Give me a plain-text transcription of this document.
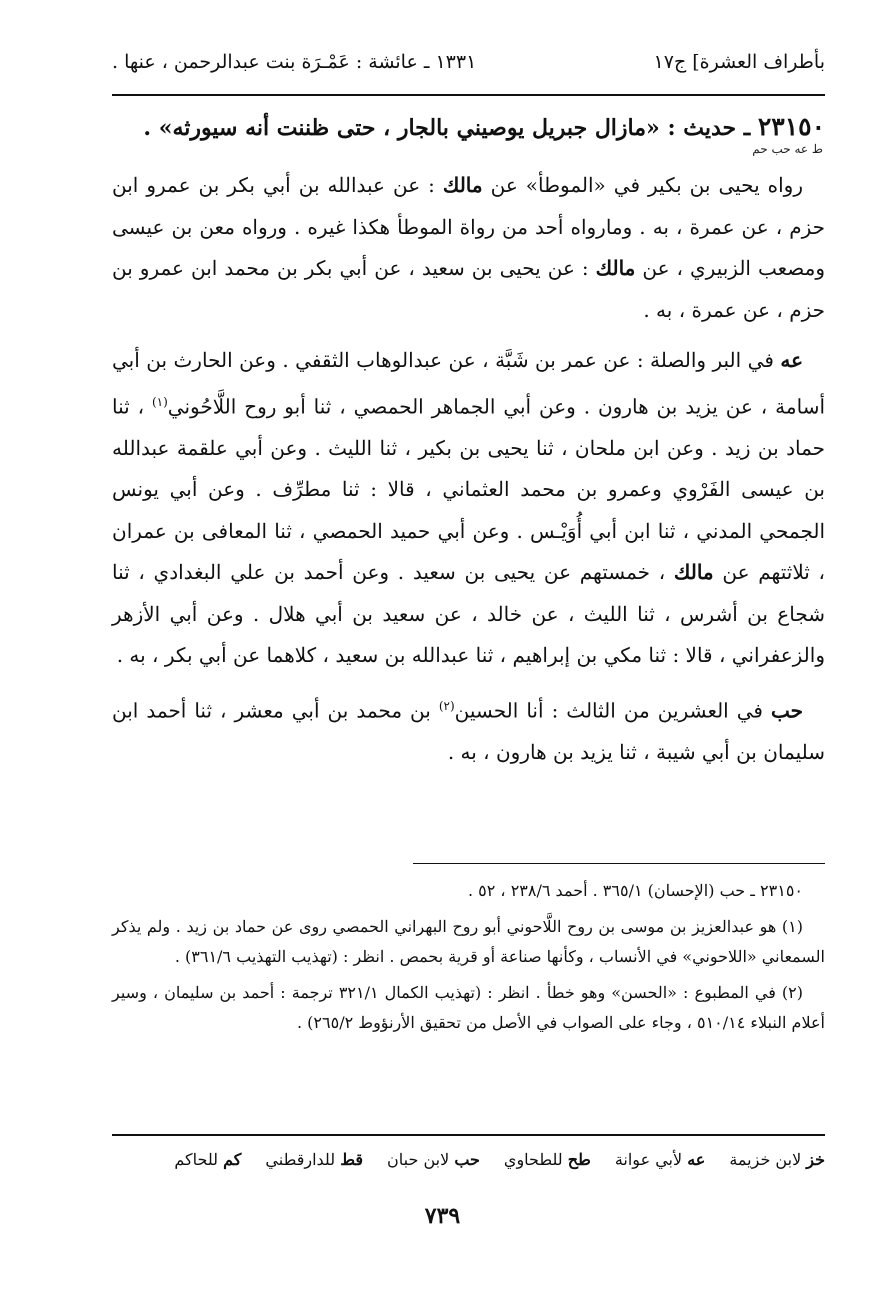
بأطراف العشرة] ج١٧
١٣٣١ ـ عائشة : عَمْـرَة بنت عبدالرحمن ، عنها .
٢٣١٥٠ ـ حديث : «مازال جبريل يوصيني بالجار ، حتى ظننت أنه سيورثه» .
ط عه حب حم

رواه يحيى بن بكير في «الموطأ» عن مالك : عن عبدالله بن أبي بكر بن عمرو ابن حزم ، عن عمرة ، به . ومارواه أحد من رواة الموطأ هكذا غيره . ورواه معن بن عيسى ومصعب الزبيري ، عن مالك : عن يحيى بن سعيد ، عن أبي بكر بن محمد ابن عمرو بن حزم ، عن عمرة ، به .

عه في البر والصلة : عن عمر بن شَبَّة ، عن عبدالوهاب الثقفي . وعن الحارث بن أبي أسامة ، عن يزيد بن هارون . وعن أبي الجماهر الحمصي ، ثنا أبو روح اللَّاحُوني$^{(١)}$ ، ثنا حماد بن زيد . وعن ابن ملحان ، ثنا يحيى بن بكير ، ثنا الليث . وعن أبي علقمة عبدالله بن عيسى الفَرْوي وعمرو بن محمد العثماني ، قالا : ثنا مطرِّف . وعن أبي يونس الجمحي المدني ، ثنا ابن أبي أُوَيْـس . وعن أبي حميد الحمصي ، ثنا المعافى بن عمران ، ثلاثتهم عن مالك ، خمستهم عن يحيى بن سعيد . وعن أحمد بن علي البغدادي ، ثنا شجاع بن أشرس ، ثنا الليث ، عن خالد ، عن سعيد بن أبي هلال . وعن أبي الأزهر والزعفراني ، قالا : ثنا مكي بن إبراهيم ، ثنا عبدالله بن سعيد ، كلاهما عن أبي بكر ، به .

حب في العشرين من الثالث : أنا الحسين$^{(٢)}$ بن محمد بن أبي معشر ، ثنا أحمد ابن سليمان بن أبي شيبة ، ثنا يزيد بن هارون ، به .

٢٣١٥٠ ـ حب (الإحسان) ٣٦٥/١ . أحمد ٢٣٨/٦ ، ٥٢ .

(١) هو عبدالعزيز بن موسى بن روح اللَّاحوني أبو روح البهراني الحمصي روى عن حماد بن زيد . ولم يذكر السمعاني «اللاحوني» في الأنساب ، وكأنها صناعة أو قرية بحمص . انظر : (تهذيب التهذيب ٣٦١/٦) .

(٢) في المطبوع : «الحسن» وهو خطأ . انظر : (تهذيب الكمال ٣٢١/١ ترجمة : أحمد بن سليمان ، وسير أعلام النبلاء ٥١٠/١٤ ، وجاء على الصواب في الأصل من تحقيق الأرنؤوط ٢٦٥/٢) .

خز لابن خزيمة
عه لأبي عوانة
طح للطحاوي
حب لابن حبان
قط للدارقطني
كم للحاكم
٧٣٩
